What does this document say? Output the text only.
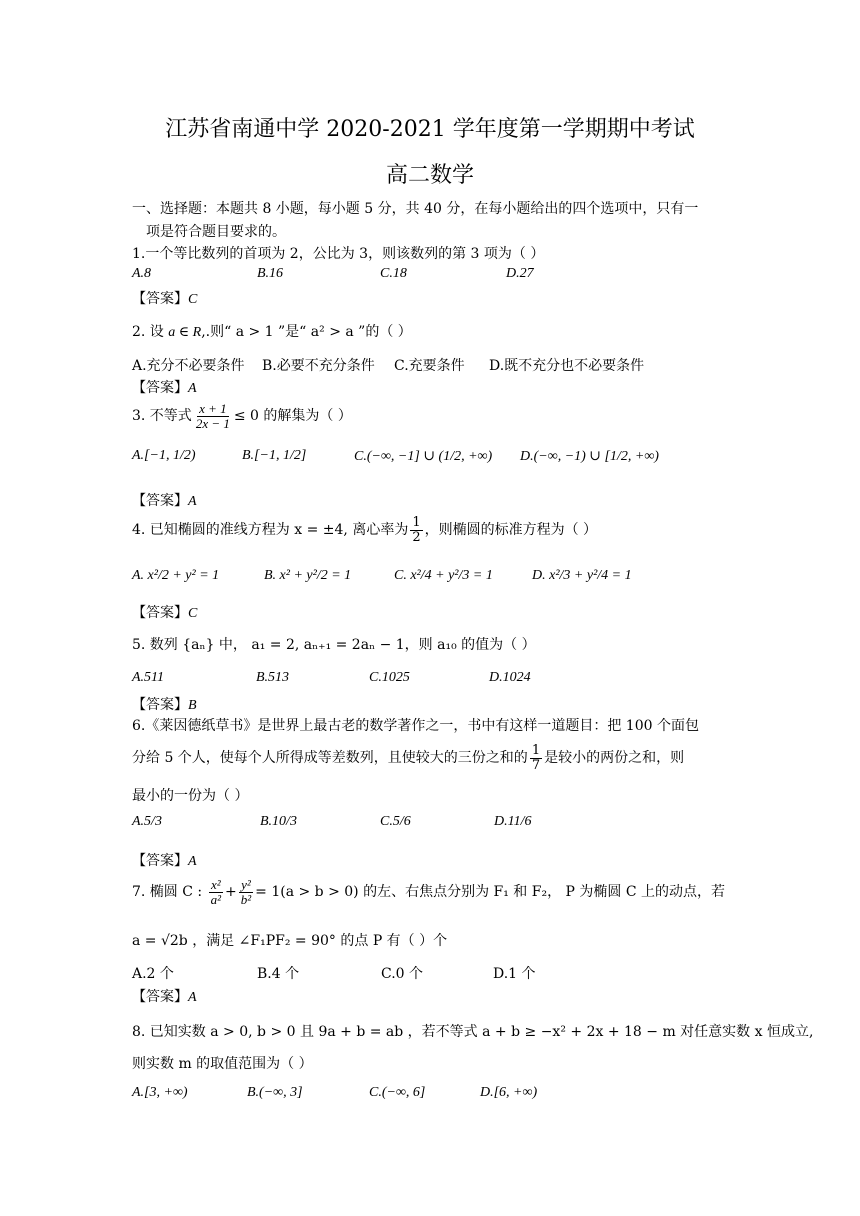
江苏省南通中学 2020-2021 学年度第一学期期中考试
高二数学
一、选择题：本题共 8 小题，每小题 5 分，共 40 分，在每小题给出的四个选项中，只有一
项是符合题目要求的。
1.一个等比数列的首项为 2，公比为 3，则该数列的第 3 项为（ ）
A.8	B.16	C.18	D.27
【答案】C
2. 设 a ∈ R,.则“ a > 1 ”是“ a² > a ”的（ ）
A.充分不必要条件 B.必要不充分条件 C.充要条件 D.既不充分也不必要条件
【答案】A
3. 不等式 $\frac{x + 1}{2x - 1} \le 0$ 的解集为（ ）
A.[−1, 1/2)	B.[−1, 1/2]	C.(−∞, −1] ∪ (1/2, +∞) D.(−∞, −1) ∪ [1/2, +∞)
【答案】A
4. 已知椭圆的准线方程为 x = ±4, 离心率为 $\frac{1}{2}$ ，则椭圆的标准方程为（ ）
A. x²/2 + y² = 1	B. x² + y²/2 = 1	C. x²/4 + y²/3 = 1	D. x²/3 + y²/4 = 1
【答案】C
5. 数列 {aₙ} 中， a₁ = 2, aₙ₊₁ = 2aₙ − 1，则 a₁₀ 的值为（ ）
A.511	B.513	C.1025	D.1024
【答案】B
6.《莱因德纸草书》是世界上最古老的数学著作之一，书中有这样一道题目：把 100 个面包
分给 5 个人，使每个人所得成等差数列，且使较大的三份之和的 $\frac{1}{7}$ 是较小的两份之和，则
最小的一份为（ ）
A.5/3	B.10/3	C.5/6	D.11/6
【答案】A
7. 椭圆 C : $\frac{\text{x²}}{\text{a²}} + \frac{\text{y²}}{\text{b²}} = 1(a > b > 0)$ 的左、右焦点分别为 F₁ 和 F₂， P 为椭圆 C 上的动点，若
a = √2b ，满足 ∠F₁PF₂ = 90° 的点 P 有（ ）个
A.2 个	B.4 个	C.0 个	D.1 个
【答案】A
8. 已知实数 a > 0, b > 0 且 9a + b = ab ，若不等式 a + b ≥ −x² + 2x + 18 − m 对任意实数 x 恒成立,
则实数 m 的取值范围为（ ）
A.[3, +∞)	B.(−∞, 3]	C.(−∞, 6]	D.[6, +∞)
